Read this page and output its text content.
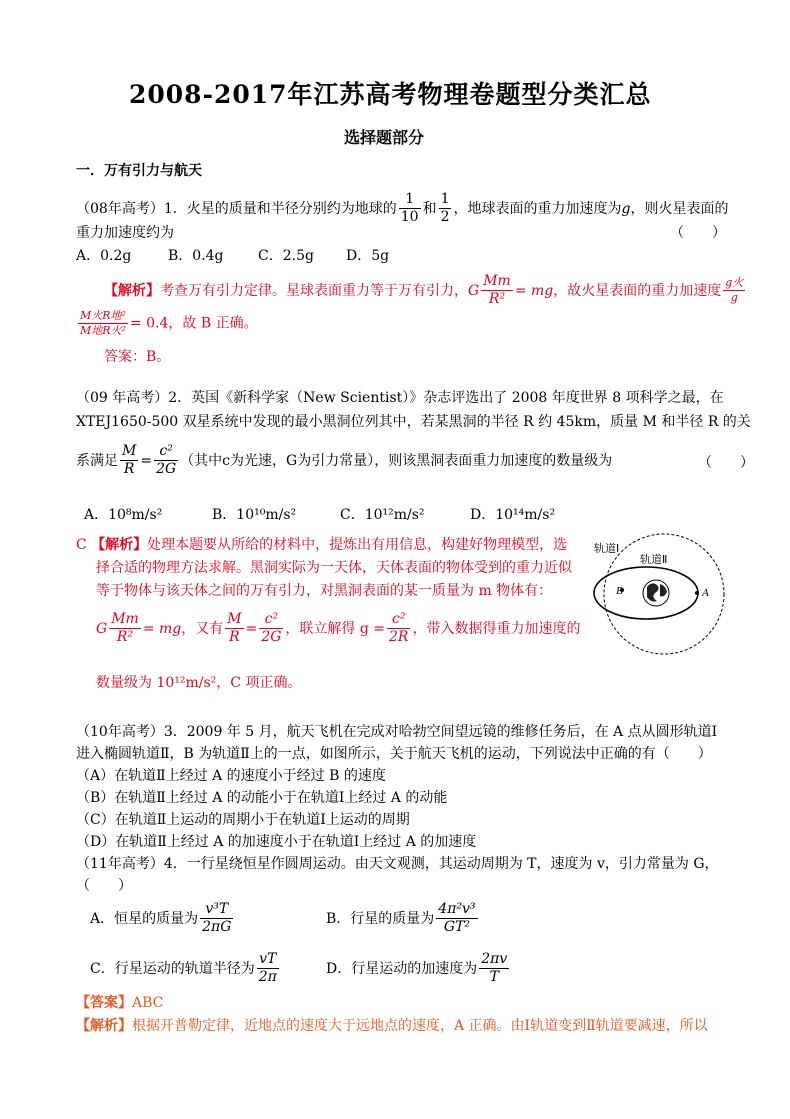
2008-2017年江苏高考物理卷题型分类汇总
选择题部分
一．万有引力与航天
（08年高考）1．火星的质量和半径分别约为地球的 $\frac{1}{10}$ 和 $\frac{1}{2}$ ，地球表面的重力加速度为g，则火星表面的
重力加速度约为	（　　）
A．0.2g	B．0.4g C．2.5g D．5g
【解析】考查万有引力定律。星球表面重力等于万有引力，G $\frac{Mm}{\text{R²}}$ = mg，故火星表面的重力加速度 $\frac{\text{g火}}{g}$
$\frac{\text{M火R地²}}{\text{M地R火²}} = 0.4$，故 B 正确。
答案：B。
（09 年高考）2．英国《新科学家（New Scientist）》杂志评选出了 2008 年度世界 8 项科学之最，在
XTEJ1650-500 双星系统中发现的最小黑洞位列其中，若某黑洞的半径 R 约 45km，质量 M 和半径 R 的关
系满足 $\frac{M}{R} = \frac{\text{c²}}{2G}$ （其中c为光速，G为引力常量），则该黑洞表面重力加速度的数量级为	（　　）
A．10⁸m/s²	B．10¹⁰m/s²	C．10¹²m/s²	D．10¹⁴m/s²
C 【解析】处理本题要从所给的材料中，提炼出有用信息，构建好物理模型，选
择合适的物理方法求解。黑洞实际为一天体，天体表面的物体受到的重力近似
等于物体与该天体之间的万有引力，对黑洞表面的某一质量为 m 物体有：
G $\frac{Mm}{\text{R²}}$ = mg，又有 $\frac{M}{R} = \frac{\text{c²}}{2G}$ ，联立解得 $g = \frac{\text{c²}}{2R}$ ，带入数据得重力加速度的
数量级为 10¹²m/s²，C 项正确。
轨道Ⅰ
轨道Ⅱ
A
B
（10年高考）3．2009 年 5 月，航天飞机在完成对哈勃空间望远镜的维修任务后，在 A 点从圆形轨道Ⅰ
进入椭圆轨道Ⅱ，B 为轨道Ⅱ上的一点，如图所示，关于航天飞机的运动，下列说法中正确的有（　　）
（A）在轨道Ⅱ上经过 A 的速度小于经过 B 的速度
（B）在轨道Ⅱ上经过 A 的动能小于在轨道Ⅰ上经过 A 的动能
（C）在轨道Ⅱ上运动的周期小于在轨道Ⅰ上运动的周期
（D）在轨道Ⅱ上经过 A 的加速度小于在轨道Ⅰ上经过 A 的加速度
（11年高考）4．一行星绕恒星作圆周运动。由天文观测，其运动周期为 T，速度为 v，引力常量为 G，
（　　）
A．恒星的质量为 $\frac{\text{v³T}}{2\pi G}$	B．行星的质量为 $\frac{\text{4π²v³}}{\text{GT²}}$
C．行星运动的轨道半径为 $\frac{vT}{2\pi}$	D．行星运动的加速度为 $\frac{2\pi v}{T}$
【答案】ABC
【解析】根据开普勒定律，近地点的速度大于远地点的速度，A 正确。由Ⅰ轨道变到Ⅱ轨道要减速，所以
